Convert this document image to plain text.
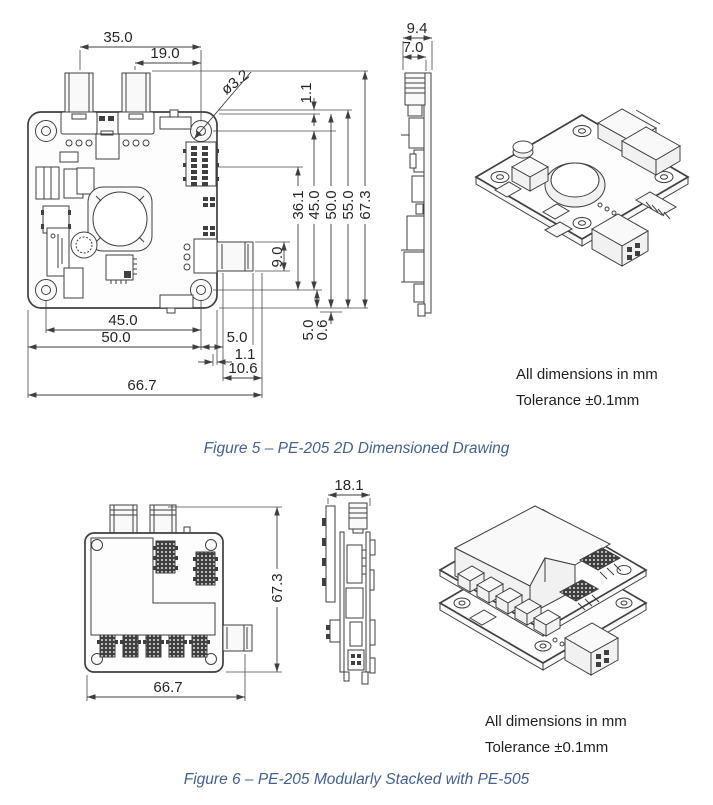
35.0
19.0
ø3.2
36.1 45.0 50.0 55.0 67.3
1.1
9.0
5.0
0.6
45.0
50.0	5.0
1.1
10.6
66.7
9.4
7.0
All dimensions in mm
Tolerance ±0.1mm
Figure 5 – PE-205 2D Dimensioned Drawing
67.3
66.7
18.1
All dimensions in mm
Tolerance ±0.1mm
Figure 6 – PE-205 Modularly Stacked with PE-505
